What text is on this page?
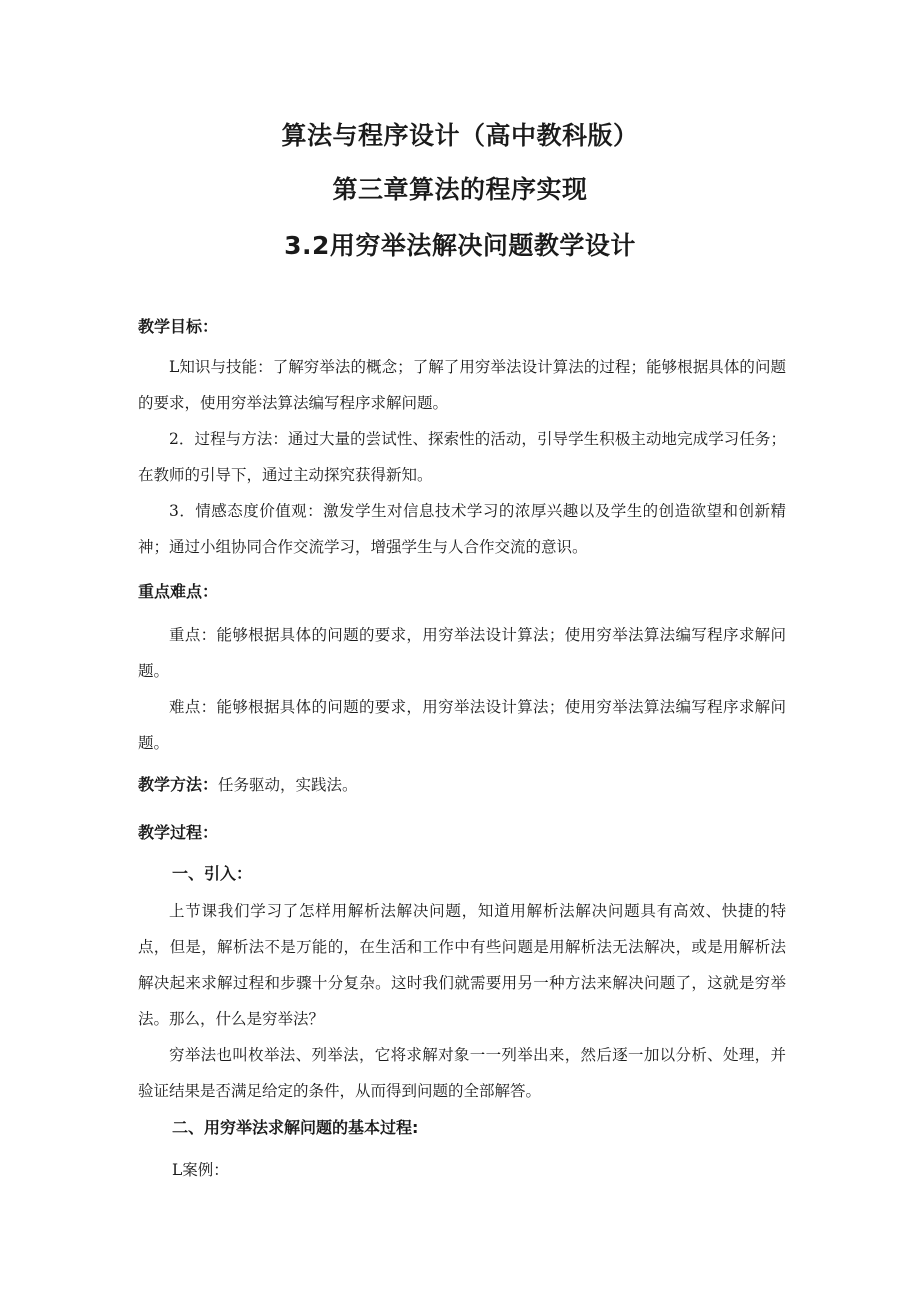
算法与程序设计（高中教科版）
第三章算法的程序实现
3.2用穷举法解决问题教学设计
教学目标：

L知识与技能：了解穷举法的概念；了解了用穷举法设计算法的过程；能够根据具体的问题的要求，使用穷举法算法编写程序求解问题。

2．过程与方法：通过大量的尝试性、探索性的活动，引导学生积极主动地完成学习任务；在教师的引导下，通过主动探究获得新知。

3．情感态度价值观：激发学生对信息技术学习的浓厚兴趣以及学生的创造欲望和创新精神；通过小组协同合作交流学习，增强学生与人合作交流的意识。

重点难点：

重点：能够根据具体的问题的要求，用穷举法设计算法；使用穷举法算法编写程序求解问题。

难点：能够根据具体的问题的要求，用穷举法设计算法；使用穷举法算法编写程序求解问题。

教学方法：任务驱动，实践法。
教学过程：
一、引入：

上节课我们学习了怎样用解析法解决问题，知道用解析法解决问题具有高效、快捷的特点，但是，解析法不是万能的，在生活和工作中有些问题是用解析法无法解决，或是用解析法解决起来求解过程和步骤十分复杂。这时我们就需要用另一种方法来解决问题了，这就是穷举法。那么，什么是穷举法？

穷举法也叫枚举法、列举法，它将求解对象一一列举出来，然后逐一加以分析、处理，并验证结果是否满足给定的条件，从而得到问题的全部解答。

二、用穷举法求解问题的基本过程:
L案例：
